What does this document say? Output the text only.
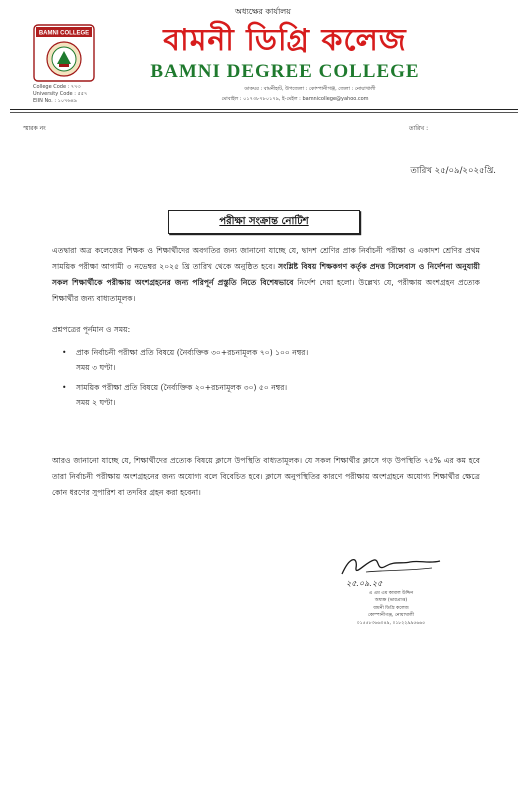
অধ্যক্ষের কার্যালয়
BAMNI COLLEGE	বামনী ডিগ্রি কলেজ
BAMNI DEGREE COLLEGE
College Code : ৭৭৩
University Code : ৫৫৭
EIIN No. : ১০৭৬৪৯
ডাকঘর : বামনীহাট, উপজেলা : কোম্পানীগঞ্জ, জেলা : নোয়াখালী
মোবাইল : ০১৭৩৮৭৮০১৭৯, ই-মেইল : bamnicollege@yahoo.com
স্মারক নং	তারিখ :
তারিখ ২৫/০৯/২০২৫খ্রি.
পরীক্ষা সংক্রান্ত নোটিশ
এতদ্বারা অত্র কলেজের শিক্ষক ও শিক্ষার্থীদের অবগতির জন্য জানানো যাচ্ছে যে, দ্বাদশ শ্রেণির প্রাক নির্বাচনী পরীক্ষা ও একাদশ শ্রেণির প্রথম সাময়িক পরীক্ষা আগামী ৩ নভেম্বর ২০২৫ খ্রি তারিখ থেকে অনুষ্ঠিত হবে। সংশ্লিষ্ট বিষয় শিক্ষকগণ কর্তৃক প্রদত্ত সিলেবাস ও নির্দেশনা অনুযায়ী সকল শিক্ষার্থীকে পরীক্ষায় অংশগ্রহনের জন্য পরিপূর্ন প্রস্তুতি নিতে বিশেষভাবে নির্দেশ দেয়া হলো। উল্লেখ্য যে, পরীক্ষায় অংশগ্রহন প্রত্যেক শিক্ষার্থীর জন্য বাধ্যতামূলক।
প্রশ্নপত্রের পূর্নমান ও সময়:
• প্রাক নির্বাচনী পরীক্ষা প্রতি বিষয়ে (নৈর্ব্যক্তিক ৩০+রচনামূলক ৭০) ১০০ নম্বর।
সময় ৩ ঘণ্টা।
• সাময়িক পরীক্ষা প্রতি বিষয়ে (নৈর্ব্যক্তিক ২০+রচনামূলক ৩০) ৫০ নম্বর।
সময় ২ ঘণ্টা।
আরও জানানো যাচ্ছে যে, শিক্ষার্থীদের প্রত্যেক বিষয়ে ক্লাসে উপস্থিতি বাধ্যতামূলক। যে সকল শিক্ষার্থীর ক্লাসে গড় উপস্থিতি ৭৫% এর কম হবে তারা নির্বাচনী পরীক্ষায় অংশগ্রহনের জন্য অযোগ্য বলে বিবেচিত হবে। ক্লাসে অনুপস্থিতির কারণে পরীক্ষায় অংশগ্রহনে অযোগ্য শিক্ষার্থীর ক্ষেত্রে কোন ধরণের সুপারিশ বা তদবির গ্রহন করা হবেনা।
২৫.০৯.২৫
এ এম এম কামাল উদ্দিন
অধ্যক্ষ (ভারপ্রাপ্ত)
বামনী ডিগ্রি কলেজ
কোম্পানীগঞ্জ, নোয়াখালী
০১৫৫৮৩৬৬০৪৯, ০১৮২২৯৯৫৬৬৫
